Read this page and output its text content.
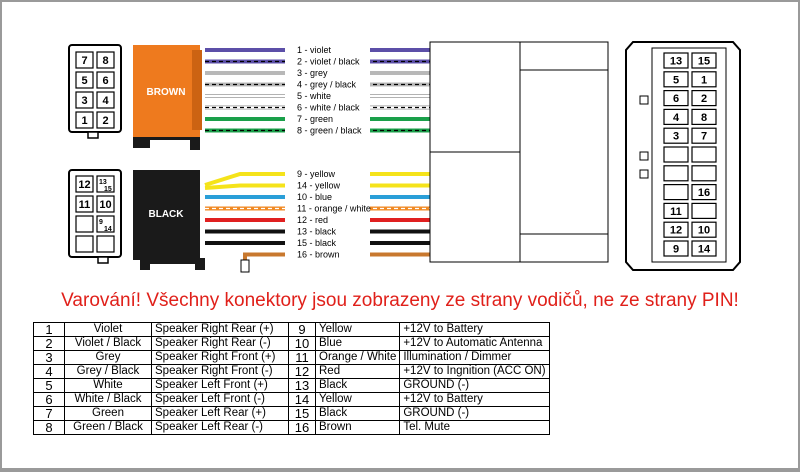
7 8
5 6
3 4
1 2
BROWN
12 13
15
11 10
9
14
BLACK
1 - violet
2 - violet / black
3 - grey
4 - grey / black
5 - white
6 - white / black
7 - green
8 - green / black
9 - yellow
14 - yellow
10 - blue
11 - orange / white
12 - red
13 - black
15 - black
16 - brown
13 15
5 1
6 2
4 8
3 7
16
11
12 10
9 14
Varování! Všechny konektory jsou zobrazeny ze strany vodičů, ne ze strany PIN!
1	Violet	Speaker Right Rear (+)	9	Yellow	+12V to Battery
2	Violet / Black	Speaker Right Rear (-)	10	Blue	+12V to Automatic Antenna
3	Grey	Speaker Right Front (+)	11	Orange / White	Illumination / Dimmer
4	Grey / Black	Speaker Right Front (-)	12	Red	+12V to Ingnition (ACC ON)
5	White	Speaker Left Front (+)	13	Black	GROUND (-)
6	White / Black	Speaker Left Front (-)	14	Yellow	+12V to Battery
7	Green	Speaker Left Rear (+)	15	Black	GROUND (-)
8	Green / Black	Speaker Left Rear (-)	16	Brown	Tel. Mute
